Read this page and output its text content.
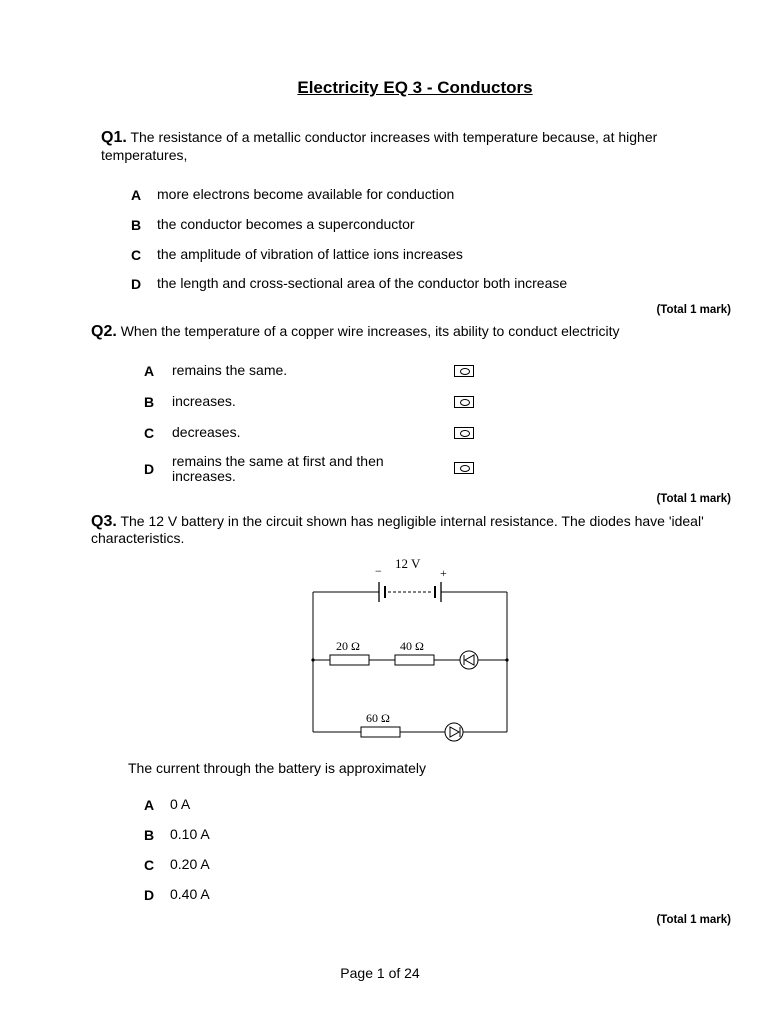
Electricity EQ 3 - Conductors
Q1. The resistance of a metallic conductor increases with temperature because, at higher
temperatures,
A more electrons become available for conduction
B the conductor becomes a superconductor
C the amplitude of vibration of lattice ions increases
D the length and cross-sectional area of the conductor both increase
(Total 1 mark)
Q2. When the temperature of a copper wire increases, its ability to conduct electricity
A remains the same.
B increases.
C decreases.
D remains the same at first and then
increases.
(Total 1 mark)
Q3. The 12 V battery in the circuit shown has negligible internal resistance. The diodes have 'ideal'
characteristics.
12 V
−	+
20 Ω	40 Ω
60 Ω
The current through the battery is approximately
A 0 A
B 0.10 A
C 0.20 A
D 0.40 A
(Total 1 mark)
Page 1 of 24
